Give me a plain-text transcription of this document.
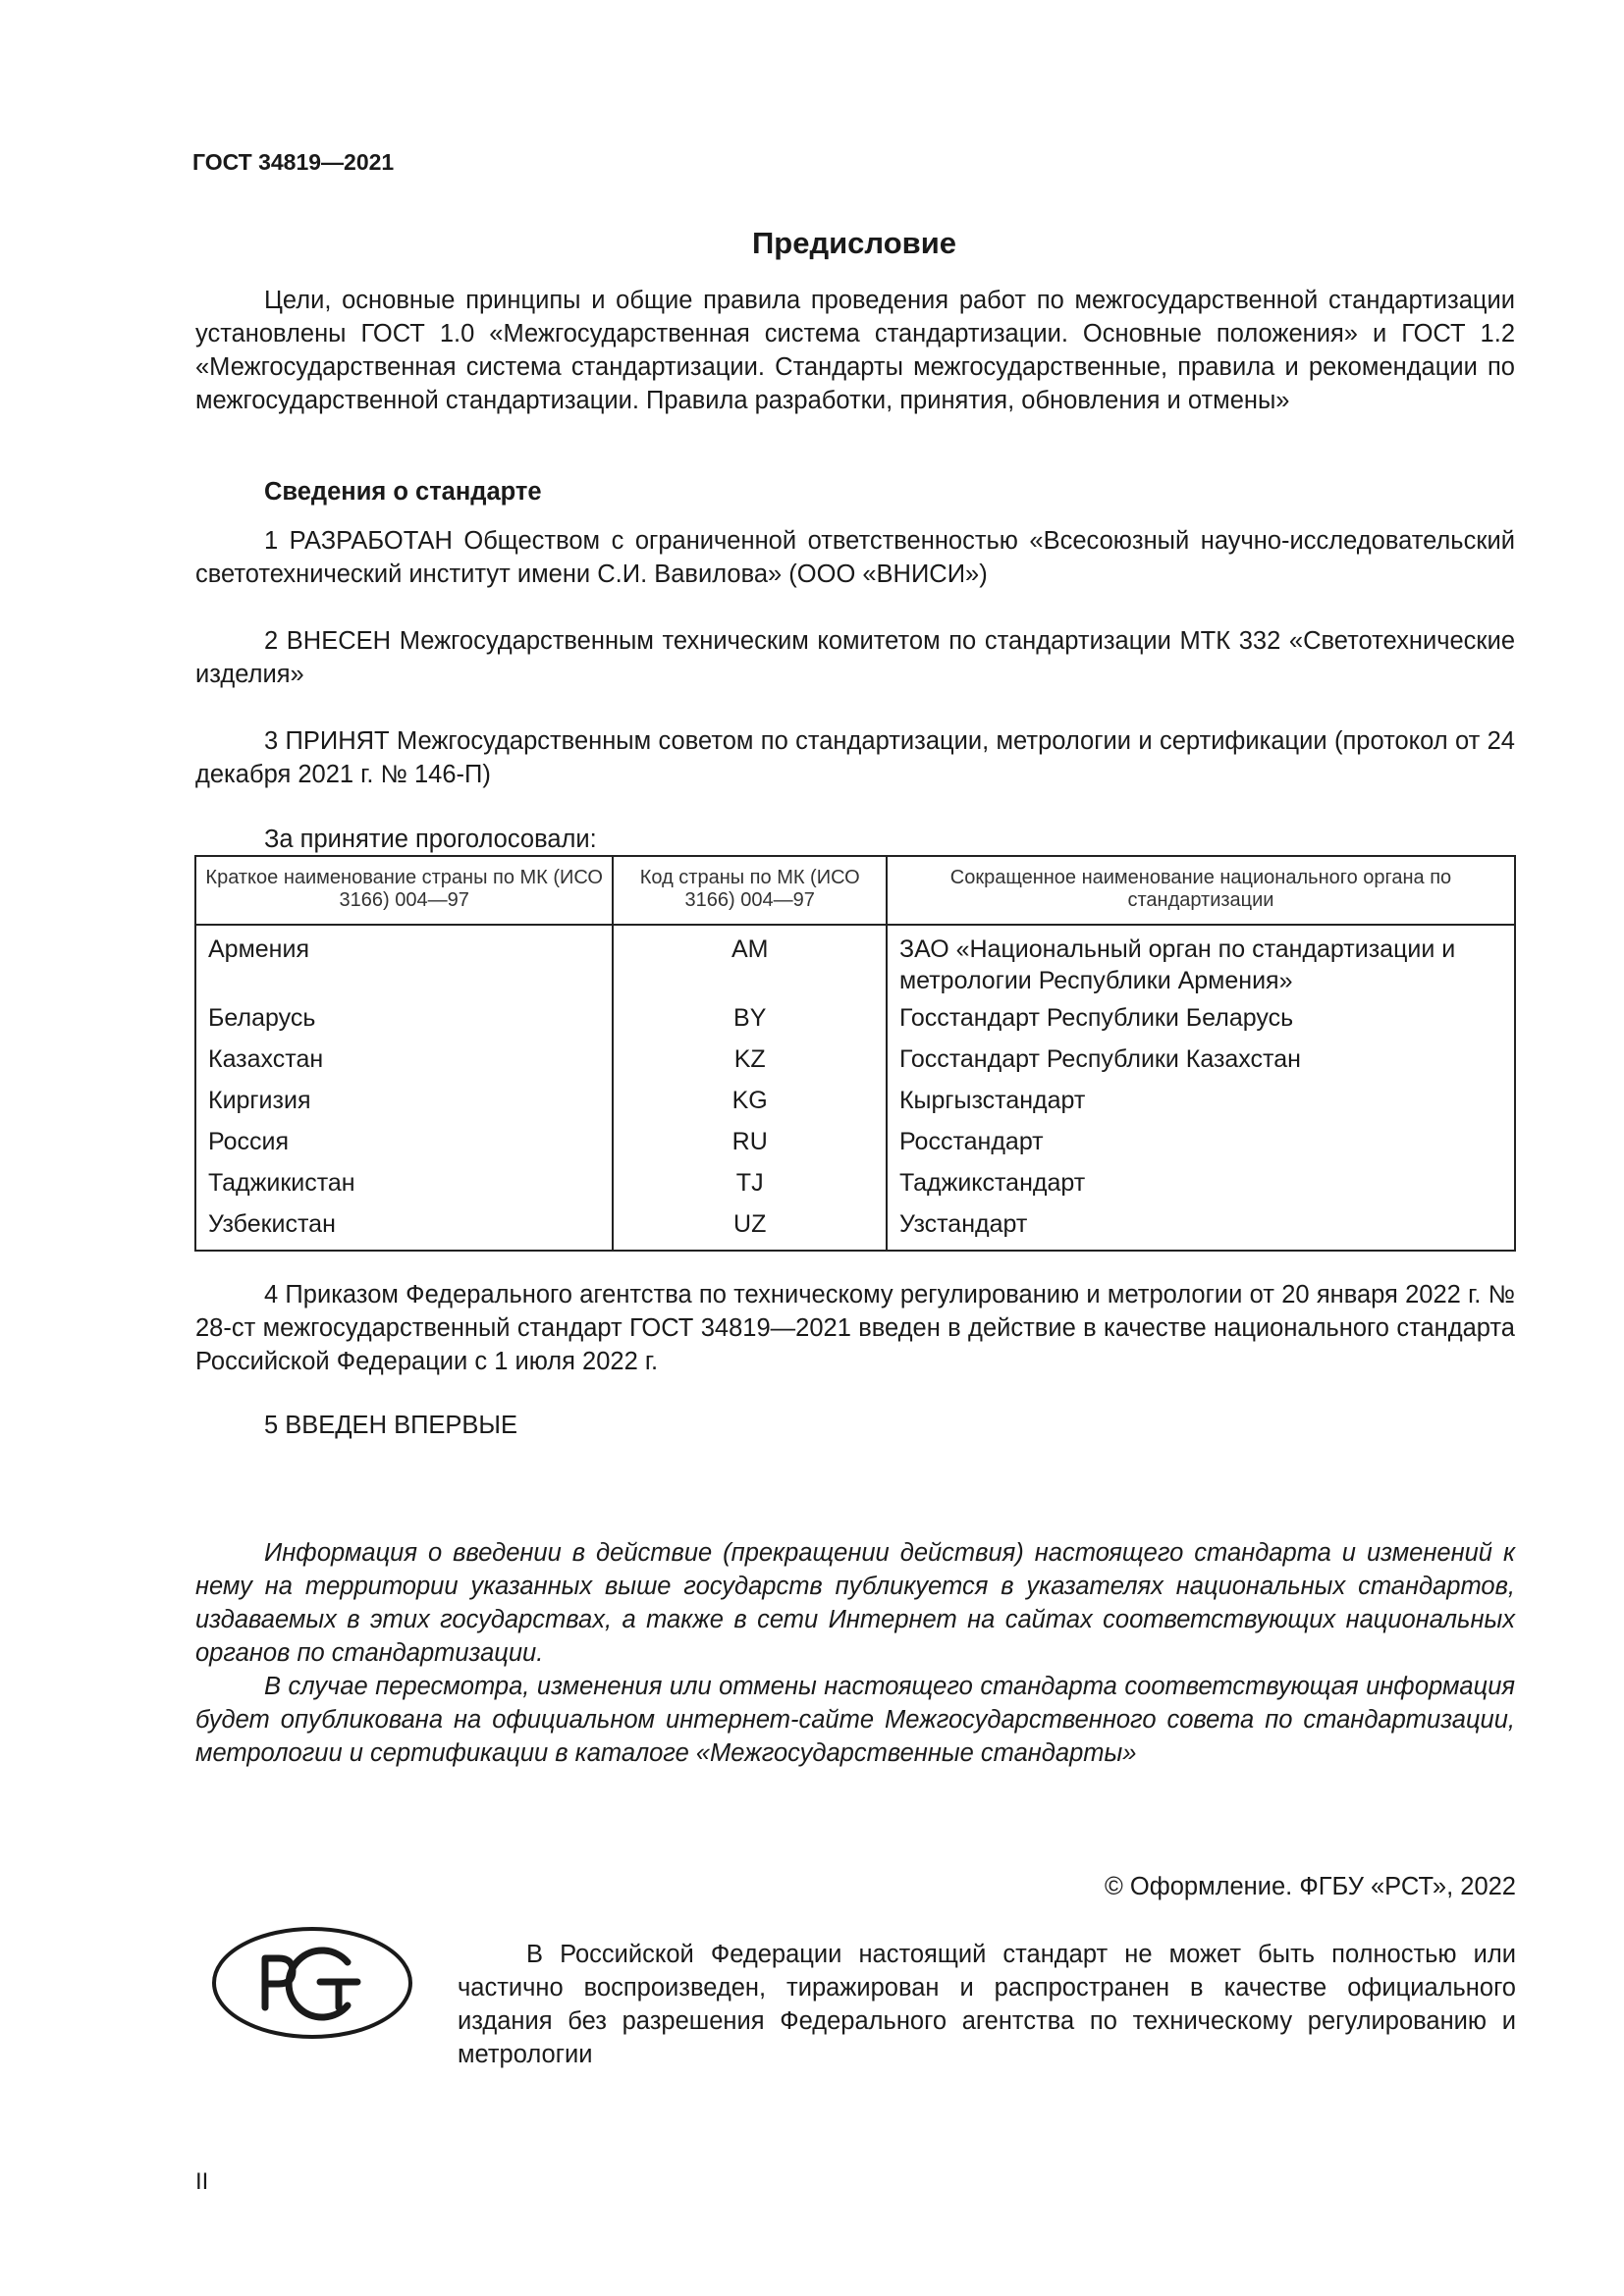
ГОСТ 34819—2021
Предисловие
Цели, основные принципы и общие правила проведения работ по межгосударственной стандартизации установлены ГОСТ 1.0 «Межгосударственная система стандартизации. Основные положения» и ГОСТ 1.2 «Межгосударственная система стандартизации. Стандарты межгосударственные, правила и рекомендации по межгосударственной стандартизации. Правила разработки, принятия, обновления и отмены»
Сведения о стандарте
1 РАЗРАБОТАН Обществом с ограниченной ответственностью «Всесоюзный научно-исследовательский светотехнический институт имени С.И. Вавилова» (ООО «ВНИСИ»)
2 ВНЕСЕН Межгосударственным техническим комитетом по стандартизации МТК 332 «Светотехнические изделия»
3 ПРИНЯТ Межгосударственным советом по стандартизации, метрологии и сертификации (протокол от 24 декабря 2021 г. № 146-П)
За принятие проголосовали:
Краткое наименование страны по МК (ИСО 3166) 004—97	Код страны по МК (ИСО 3166) 004—97	Сокращенное наименование национального органа по стандартизации
Армения	AM	ЗАО «Национальный орган по стандартизации и метрологии Республики Армения»
Беларусь	BY	Госстандарт Республики Беларусь
Казахстан	KZ	Госстандарт Республики Казахстан
Киргизия	KG	Кыргызстандарт
Россия	RU	Росстандарт
Таджикистан	TJ	Таджикстандарт
Узбекистан	UZ	Узстандарт
4 Приказом Федерального агентства по техническому регулированию и метрологии от 20 января 2022 г. № 28-ст межгосударственный стандарт ГОСТ 34819—2021 введен в действие в качестве национального стандарта Российской Федерации с 1 июля 2022 г.
5 ВВЕДЕН ВПЕРВЫЕ
Информация о введении в действие (прекращении действия) настоящего стандарта и изменений к нему на территории указанных выше государств публикуется в указателях национальных стандартов, издаваемых в этих государствах, а также в сети Интернет на сайтах соответствующих национальных органов по стандартизации.
В случае пересмотра, изменения или отмены настоящего стандарта соответствующая информация будет опубликована на официальном интернет-сайте Межгосударственного совета по стандартизации, метрологии и сертификации в каталоге «Межгосударственные стандарты»
© Оформление. ФГБУ «РСТ», 2022
В Российской Федерации настоящий стандарт не может быть полностью или частично воспроизведен, тиражирован и распространен в качестве официального издания без разрешения Федерального агентства по техническому регулированию и метрологии
II
